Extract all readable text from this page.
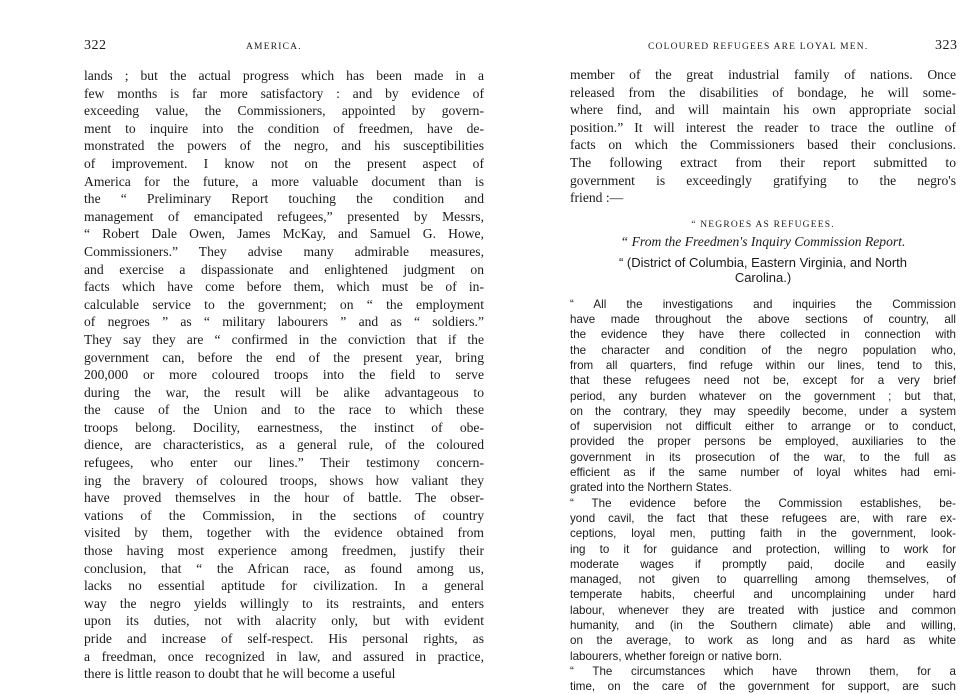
322	AMERICA.
lands ; but the actual progress which has been made in a
few months is far more satisfactory : and by evidence of
exceeding value, the Commissioners, appointed by govern-
ment to inquire into the condition of freedmen, have de-
monstrated the powers of the negro, and his susceptibilities
of improvement. I know not on the present aspect of
America for the future, a more valuable document than is
the “ Preliminary Report touching the condition and
management of emancipated refugees,” presented by Messrs,
“ Robert Dale Owen, James McKay, and Samuel G. Howe,
Commissioners.” They advise many admirable measures,
and exercise a dispassionate and enlightened judgment on
facts which have come before them, which must be of in-
calculable service to the government; on “ the employment
of negroes ” as “ military labourers ” and as “ soldiers.”
They say they are “ confirmed in the conviction that if the
government can, before the end of the present year, bring
200,000 or more coloured troops into the field to serve
during the war, the result will be alike advantageous to
the cause of the Union and to the race to which these
troops belong. Docility, earnestness, the instinct of obe-
dience, are characteristics, as a general rule, of the coloured
refugees, who enter our lines.” Their testimony concern-
ing the bravery of coloured troops, shows how valiant they
have proved themselves in the hour of battle. The obser-
vations of the Commission, in the sections of country
visited by them, together with the evidence obtained from
those having most experience among freedmen, justify their
conclusion, that “ the African race, as found among us,
lacks no essential aptitude for civilization. In a general
way the negro yields willingly to its restraints, and enters
upon its duties, not with alacrity only, but with evident
pride and increase of self-respect. His personal rights, as
a freedman, once recognized in law, and assured in practice,
there is little reason to doubt that he will become a useful
COLOURED REFUGEES ARE LOYAL MEN.	323
member of the great industrial family of nations. Once
released from the disabilities of bondage, he will some-
where find, and will maintain his own appropriate social
position.” It will interest the reader to trace the outline of
facts on which the Commissioners based their conclusions.
The following extract from their report submitted to
government is exceedingly gratifying to the negro's
friend :—
“ NEGROES AS REFUGEES.
“ From the Freedmen's Inquiry Commission Report.
“ (District of Columbia, Eastern Virginia, and North
Carolina.)
“ All the investigations and inquiries the Commission
have made throughout the above sections of country, all
the evidence they have there collected in connection with
the character and condition of the negro population who,
from all quarters, find refuge within our lines, tend to this,
that these refugees need not be, except for a very brief
period, any burden whatever on the government ; but that,
on the contrary, they may speedily become, under a system
of supervision not difficult either to arrange or to conduct,
provided the proper persons be employed, auxiliaries to the
government in its prosecution of the war, to the full as
efficient as if the same number of loyal whites had emi-
grated into the Northern States.
“ The evidence before the Commission establishes, be-
yond cavil, the fact that these refugees are, with rare ex-
ceptions, loyal men, putting faith in the government, look-
ing to it for guidance and protection, willing to work for
moderate wages if promptly paid, docile and easily
managed, not given to quarrelling among themselves, of
temperate habits, cheerful and uncomplaining under hard
labour, whenever they are treated with justice and common
humanity, and (in the Southern climate) able and willing,
on the average, to work as long and as hard as white
labourers, whether foreign or native born.
“ The circumstances which have thrown them, for a
time, on the care of the government for support, are such
